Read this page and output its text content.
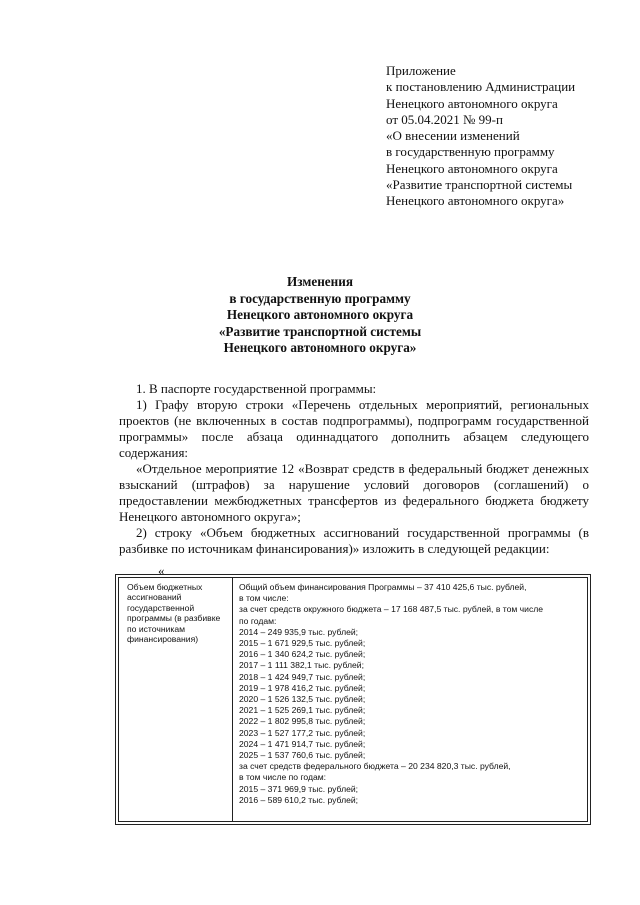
Приложение
к постановлению Администрации
Ненецкого автономного округа
от 05.04.2021 № 99-п
«О внесении изменений
в государственную программу
Ненецкого автономного округа
«Развитие транспортной системы
Ненецкого автономного округа»
Изменения
в государственную программу
Ненецкого автономного округа
«Развитие транспортной системы
Ненецкого автономного округа»
1. В паспорте государственной программы:
1) Графу вторую строки «Перечень отдельных мероприятий, региональных проектов (не включенных в состав подпрограммы), подпрограмм государственной программы» после абзаца одиннадцатого дополнить абзацем следующего содержания:
«Отдельное мероприятие 12 «Возврат средств в федеральный бюджет денежных взысканий (штрафов) за нарушение условий договоров (соглашений) о предоставлении межбюджетных трансфертов из федерального бюджета бюджету Ненецкого автономного округа»;
2) строку «Объем бюджетных ассигнований государственной программы (в разбивке по источникам финансирования)» изложить в следующей редакции:
«
Объем бюджетных ассигнований государственной программы (в разбивке по источникам финансирования)
Общий объем финансирования Программы – 37 410 425,6 тыс. рублей,
в том числе:
за счет средств окружного бюджета – 17 168 487,5 тыс. рублей, в том числе
по годам:
2014 – 249 935,9 тыс. рублей;
2015 – 1 671 929,5 тыс. рублей;
2016 – 1 340 624,2 тыс. рублей;
2017 – 1 111 382,1 тыс. рублей;
2018 – 1 424 949,7 тыс. рублей;
2019 – 1 978 416,2 тыс. рублей;
2020 – 1 526 132,5 тыс. рублей;
2021 – 1 525 269,1 тыс. рублей;
2022 – 1 802 995,8 тыс. рублей;
2023 – 1 527 177,2 тыс. рублей;
2024 – 1 471 914,7 тыс. рублей;
2025 – 1 537 760,6 тыс. рублей;
за счет средств федерального бюджета – 20 234 820,3 тыс. рублей,
в том числе по годам:
2015 – 371 969,9 тыс. рублей;
2016 – 589 610,2 тыс. рублей;
